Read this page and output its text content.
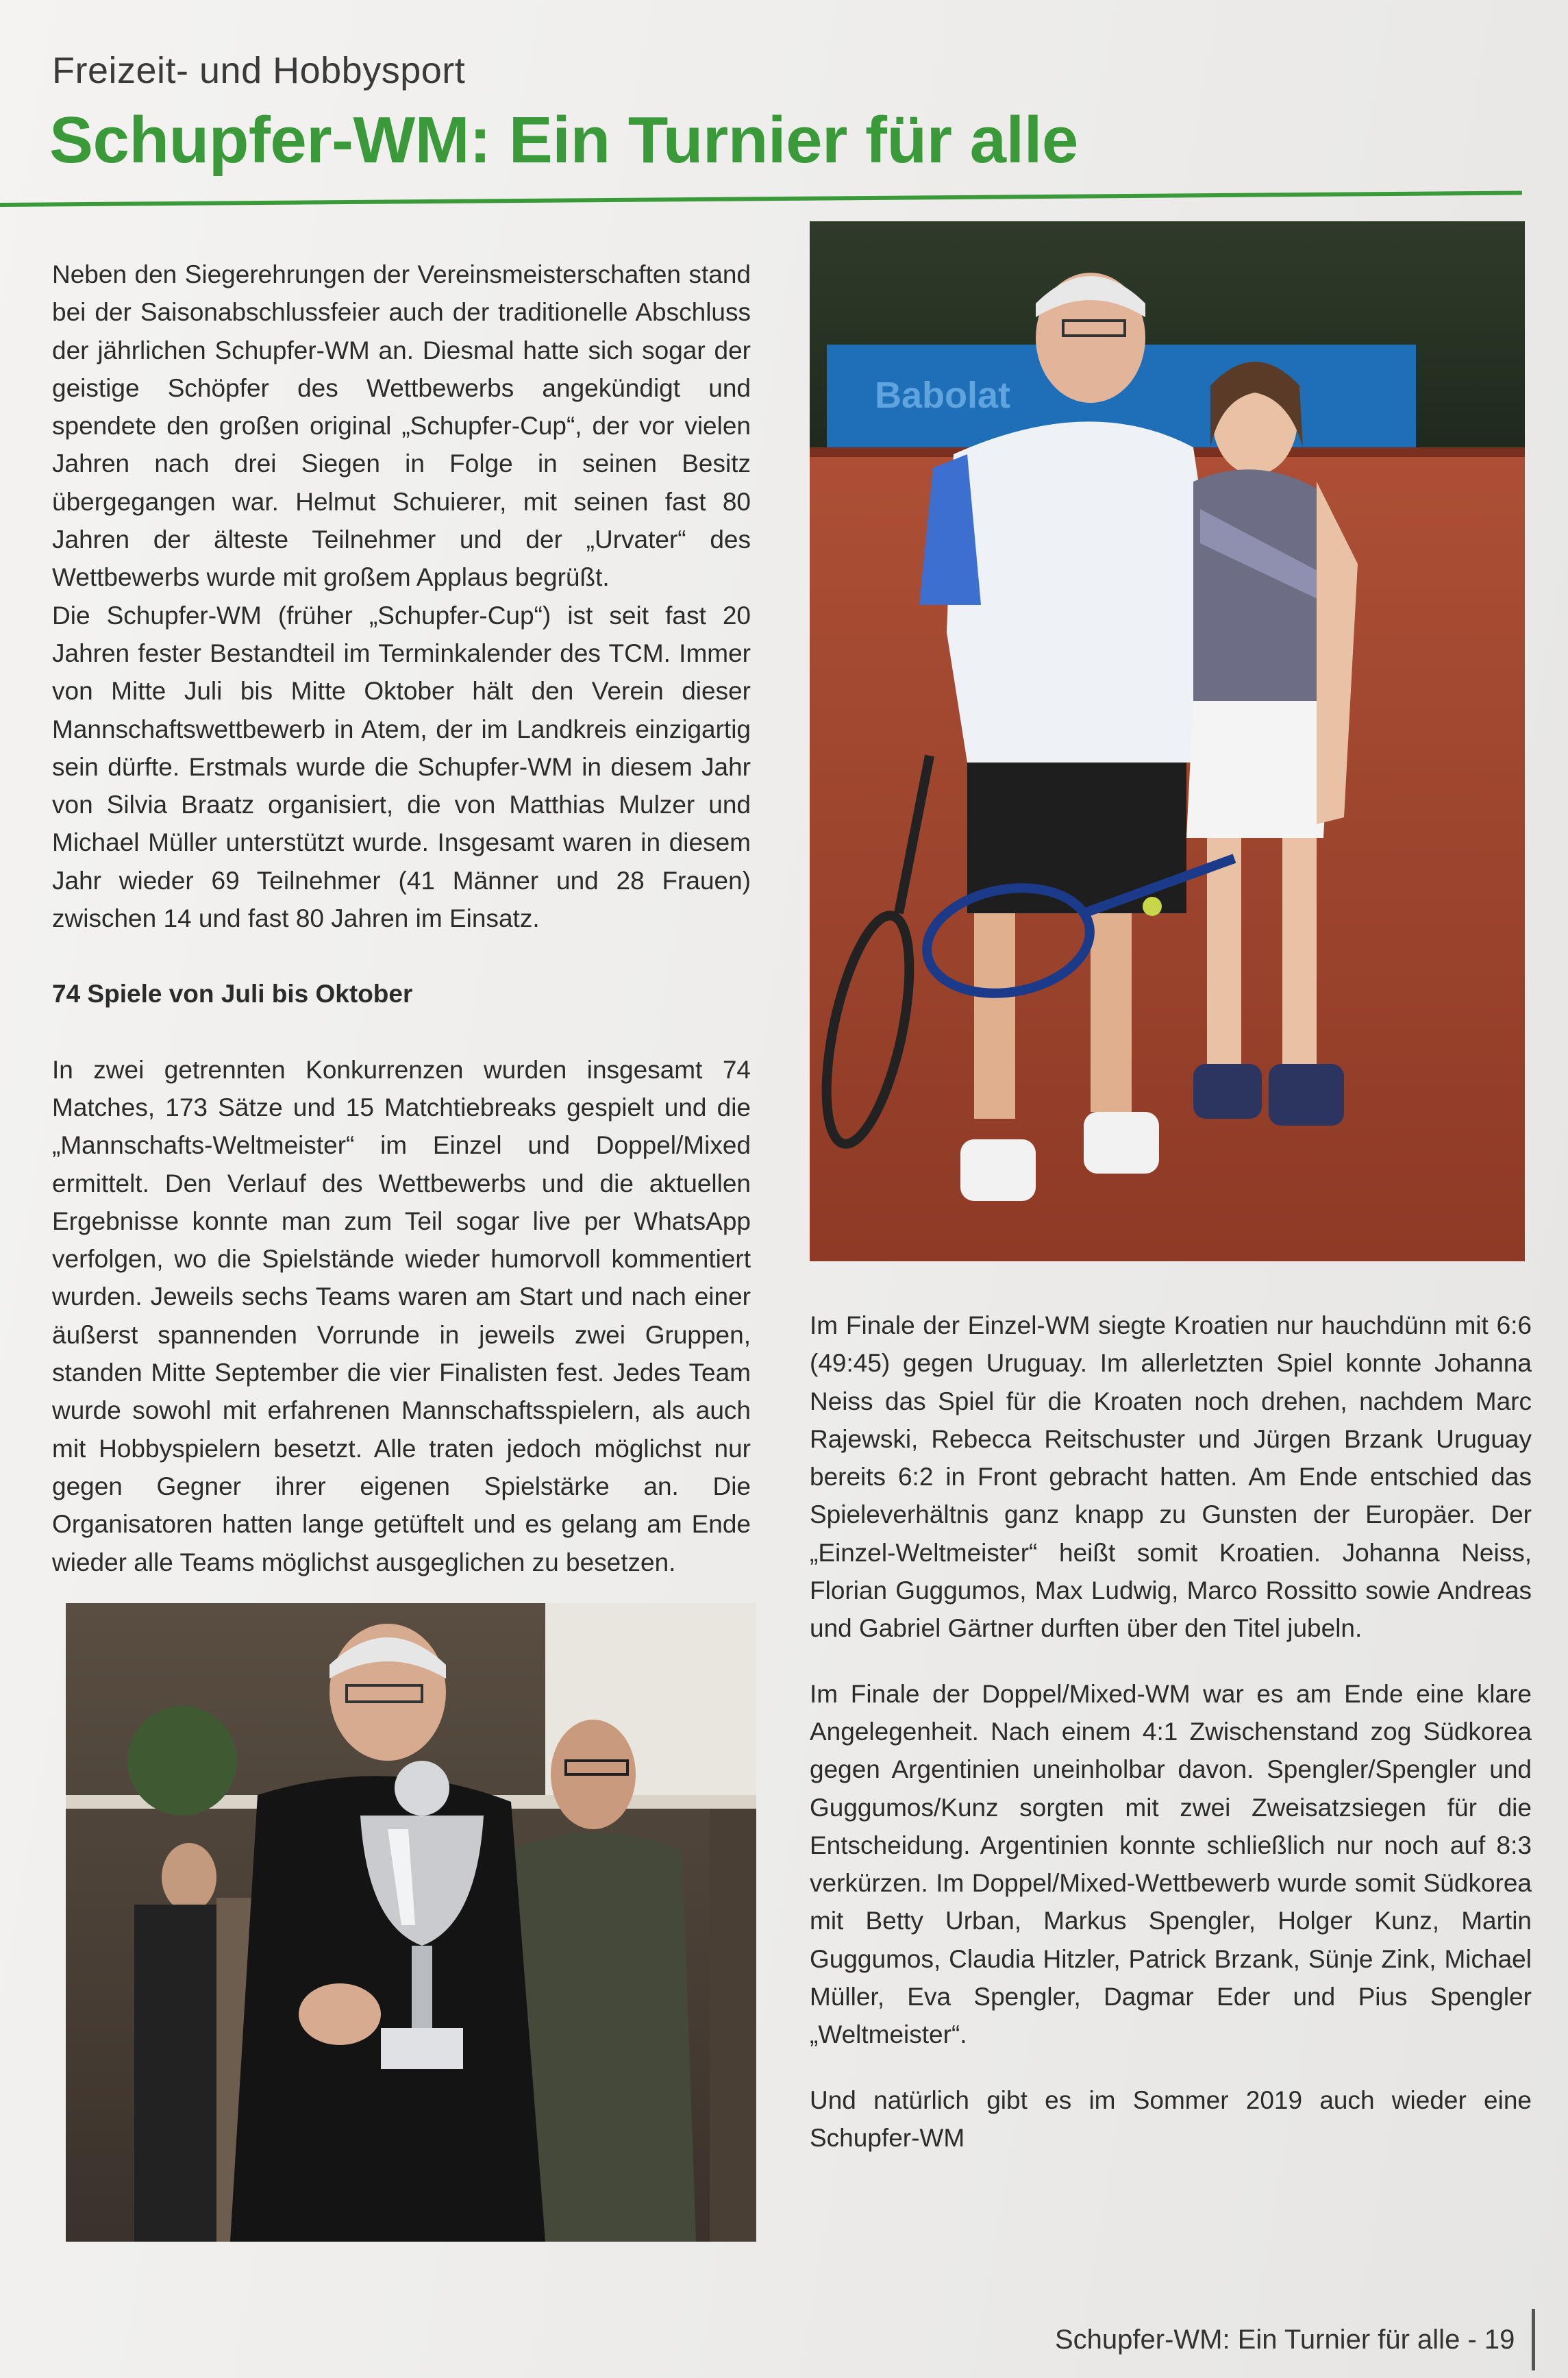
Freizeit- und Hobbysport
Schupfer-WM: Ein Turnier für alle

Neben den Siegerehrungen der Vereinsmeisterschaften stand bei der Saisonabschlussfeier auch der traditionelle Abschluss der jährlichen Schupfer-WM an. Diesmal hatte sich sogar der geistige Schöpfer des Wettbewerbs angekündigt und spendete den großen original „Schupfer-Cup“, der vor vielen Jahren nach drei Siegen in Folge in seinen Besitz übergegangen war. Helmut Schuierer, mit seinen fast 80 Jahren der älteste Teilnehmer und der „Urvater“ des Wettbewerbs wurde mit großem Applaus begrüßt.

Die Schupfer-WM (früher „Schupfer-Cup“) ist seit fast 20 Jahren fester Bestandteil im Terminkalender des TCM. Immer von Mitte Juli bis Mitte Oktober hält den Verein dieser Mannschaftswettbewerb in Atem, der im Landkreis einzigartig sein dürfte. Erstmals wurde die Schupfer-WM in diesem Jahr von Silvia Braatz organisiert, die von Matthias Mulzer und Michael Müller unterstützt wurde. Insgesamt waren in diesem Jahr wieder 69 Teilnehmer (41 Männer und 28 Frauen) zwischen 14 und fast 80 Jahren im Einsatz.

74 Spiele von Juli bis Oktober

In zwei getrennten Konkurrenzen wurden insgesamt 74 Matches, 173 Sätze und 15 Matchtiebreaks gespielt und die „Mannschafts-Weltmeister“ im Einzel und Doppel/Mixed ermittelt. Den Verlauf des Wettbewerbs und die aktuellen Ergebnisse konnte man zum Teil sogar live per WhatsApp verfolgen, wo die Spielstände wieder humorvoll kommentiert wurden. Jeweils sechs Teams waren am Start und nach einer äußerst spannenden Vorrunde in jeweils zwei Gruppen, standen Mitte September die vier Finalisten fest. Jedes Team wurde sowohl mit erfahrenen Mannschaftsspielern, als auch mit Hobbyspielern besetzt. Alle traten jedoch möglichst nur gegen Gegner ihrer eigenen Spielstärke an. Die Organisatoren hatten lange getüftelt und es gelang am Ende wieder alle Teams möglichst ausgeglichen zu besetzen.

Im Finale der Einzel-WM siegte Kroatien nur hauchdünn mit 6:6 (49:45) gegen Uruguay. Im allerletzten Spiel konnte Johanna Neiss das Spiel für die Kroaten noch drehen, nachdem Marc Rajewski, Rebecca Reitschuster und Jürgen Brzank Uruguay bereits 6:2 in Front gebracht hatten. Am Ende entschied das Spieleverhältnis ganz knapp zu Gunsten der Europäer. Der „Einzel-Weltmeister“ heißt somit Kroatien. Johanna Neiss, Florian Guggumos, Max Ludwig, Marco Rossitto sowie Andreas und Gabriel Gärtner durften über den Titel jubeln.

Im Finale der Doppel/Mixed-WM war es am Ende eine klare Angelegenheit. Nach einem 4:1 Zwischenstand zog Südkorea gegen Argentinien uneinholbar davon. Spengler/Spengler und Guggumos/Kunz sorgten mit zwei Zweisatzsiegen für die Entscheidung. Argentinien konnte schließlich nur noch auf 8:3 verkürzen. Im Doppel/Mixed-Wettbewerb wurde somit Südkorea mit Betty Urban, Markus Spengler, Holger Kunz, Martin Guggumos, Claudia Hitzler, Patrick Brzank, Sünje Zink, Michael Müller, Eva Spengler, Dagmar Eder und Pius Spengler „Weltmeister“.

Und natürlich gibt es im Sommer 2019 auch wieder eine Schupfer-WM

Babolat
Schupfer-WM: Ein Turnier für alle - 19
